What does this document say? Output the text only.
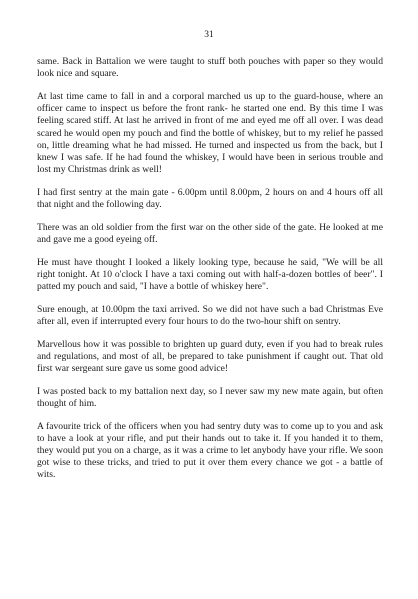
31

same. Back in Battalion we were taught to stuff both pouches with paper so they would look nice and square.

At last time came to fall in and a corporal marched us up to the guard-house, where an officer came to inspect us before the front rank- he started one end. By this time I was feeling scared stiff. At last he arrived in front of me and eyed me off all over. I was dead scared he would open my pouch and find the bottle of whiskey, but to my relief he passed on, little dreaming what he had missed. He turned and inspected us from the back, but I knew I was safe. If he had found the whiskey, I would have been in serious trouble and lost my Christmas drink as well!

I had first sentry at the main gate - 6.00pm until 8.00pm, 2 hours on and 4 hours off all that night and the following day.

There was an old soldier from the first war on the other side of the gate. He looked at me and gave me a good eyeing off.

He must have thought I looked a likely looking type, because he said, "We will be all right tonight. At 10 o'clock I have a taxi coming out with half-a-dozen bottles of beer". I patted my pouch and said, "I have a bottle of whiskey here".

Sure enough, at 10.00pm the taxi arrived. So we did not have such a bad Christmas Eve after all, even if interrupted every four hours to do the two-hour shift on sentry.

Marvellous how it was possible to brighten up guard duty, even if you had to break rules and regulations, and most of all, be prepared to take punishment if caught out. That old first war sergeant sure gave us some good advice!

I was posted back to my battalion next day, so I never saw my new mate again, but often thought of him.

A favourite trick of the officers when you had sentry duty was to come up to you and ask to have a look at your rifle, and put their hands out to take it. If you handed it to them, they would put you on a charge, as it was a crime to let anybody have your rifle. We soon got wise to these tricks, and tried to put it over them every chance we got - a battle of wits.
